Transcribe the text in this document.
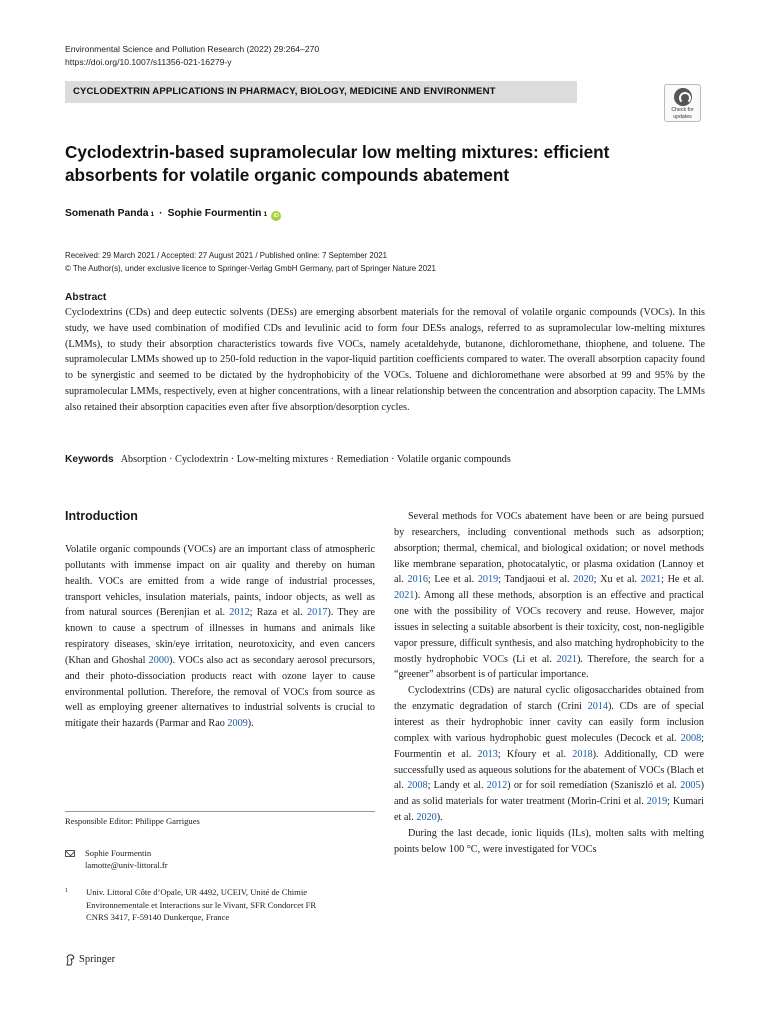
Environmental Science and Pollution Research (2022) 29:264–270
https://doi.org/10.1007/s11356-021-16279-y
CYCLODEXTRIN APPLICATIONS IN PHARMACY, BIOLOGY, MEDICINE AND ENVIRONMENT
Check for
updates
Cyclodextrin-based supramolecular low melting mixtures: efficient
absorbents for volatile organic compounds abatement
Somenath Panda 1 · Sophie Fourmentin 1	iD
Received: 29 March 2021 / Accepted: 27 August 2021 / Published online: 7 September 2021
© The Author(s), under exclusive licence to Springer-Verlag GmbH Germany, part of Springer Nature 2021
Abstract
Cyclodextrins (CDs) and deep eutectic solvents (DESs) are emerging absorbent materials for the removal of volatile organic compounds (VOCs). In this study, we have used combination of modified CDs and levulinic acid to form four DESs analogs, referred to as supramolecular low-melting mixtures (LMMs), to study their absorption characteristics towards five VOCs, namely acetaldehyde, butanone, dichloromethane, thiophene, and toluene. The supramolecular LMMs showed up to 250-fold reduction in the vapor-liquid partition coefficients compared to water. The overall absorption capacity found to be synergistic and seemed to be dictated by the hydrophobicity of the VOCs. Toluene and dichloromethane were absorbed at 99 and 95% by the supramolecular LMMs, respectively, even at higher concentrations, with a linear relationship between the concentration and absorption capacity. The LMMs also retained their absorption capacities even after five absorption/desorption cycles.
Keywords Absorption · Cyclodextrin · Low-melting mixtures · Remediation · Volatile organic compounds
Introduction

Volatile organic compounds (VOCs) are an important class of atmospheric pollutants with immense impact on air quality and thereby on human health. VOCs are emitted from a wide range of industrial processes, transport vehicles, insulation materials, paints, indoor objects, as well as from natural sources (Berenjian et al. 2012; Raza et al. 2017). They are known to cause a spectrum of illnesses in humans and animals like respiratory diseases, skin/eye irritation, neurotoxicity, and even cancers (Khan and Ghoshal 2000). VOCs also act as secondary aerosol precursors, and their photo-dissociation products react with ozone layer to cause environmental pollution. Therefore, the removal of VOCs from source as well as employing greener alternatives to industrial solvents is crucial to mitigate their hazards (Parmar and Rao 2009).

Several methods for VOCs abatement have been or are being pursued by researchers, including conventional methods such as adsorption; absorption; thermal, chemical, and biological oxidation; or novel methods like membrane separation, photocatalytic, or plasma oxidation (Lannoy et al. 2016; Lee et al. 2019; Tandjaoui et al. 2020; Xu et al. 2021; He et al. 2021). Among all these methods, absorption is an effective and practical one with the possibility of VOCs recovery and reuse. However, major issues in selecting a suitable absorbent is their toxicity, cost, non-negligible vapor pressure, difficult synthesis, and also matching hydrophobicity to the mostly hydrophobic VOCs (Li et al. 2021). Therefore, the search for a “greener” absorbent is of particular importance.

Cyclodextrins (CDs) are natural cyclic oligosaccharides obtained from the enzymatic degradation of starch (Crini 2014). CDs are of special interest as their hydrophobic inner cavity can easily form inclusion complex with various hydrophobic guest molecules (Decock et al. 2008; Fourmentin et al. 2013; Kfoury et al. 2018). Additionally, CD were successfully used as aqueous solutions for the abatement of VOCs (Blach et al. 2008; Landy et al. 2012) or for soil remediation (Szaniszló et al. 2005) and as solid materials for water treatment (Morin-Crini et al. 2019; Kumari et al. 2020).

During the last decade, ionic liquids (ILs), molten salts with melting points below 100 °C, were investigated for VOCs

Responsible Editor: Philippe Garrigues
Sophie Fourmentin
lamotte@univ-littoral.fr
1	Univ. Littoral Côte d’Opale, UR 4492, UCEIV, Unité de Chimie
Environnementale et Interactions sur le Vivant, SFR Condorcet FR
CNRS 3417, F-59140 Dunkerque, France
Springer
